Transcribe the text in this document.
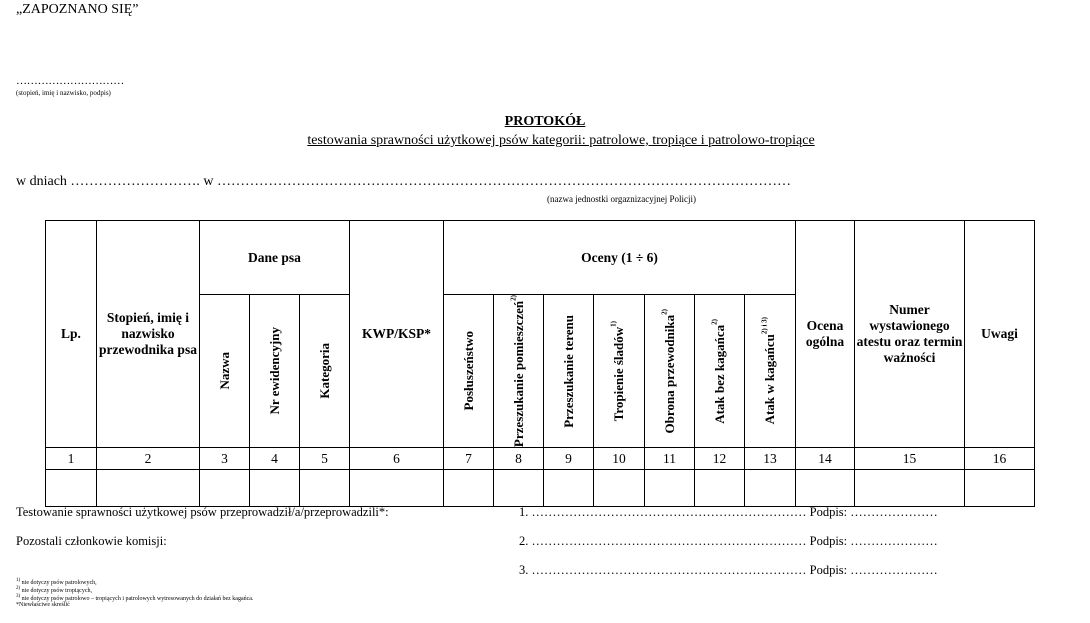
„ZAPOZNANO SIĘ”
…………………………
(stopień, imię i nazwisko, podpis)
PROTOKÓŁ
testowania sprawności użytkowej psów kategorii: patrolowe, tropiące i patrolowo-tropiące
w dniach ………………………. w ……………………………………………………………………………………………………………
(nazwa jednostki orgaznizacyjnej Policji)
Lp.	Stopień, imię i nazwisko przewodnika psa	Dane psa			KWP/KSP*	Oceny (1 ÷ 6)							Ocena ogólna	Numer wystawionego atestu oraz termin ważności	Uwagi

		Nazwa	Nr ewidencyjny	Kategoria		Posłuszeństwo	Przeszukanie pomieszczeń$^{2)}$	Przeszukanie terenu	Tropienie śladów$^{1)}$	Obrona przewodnika$^{2)}$	Atak bez kagańca$^{2)}$	Atak w kagańcu$^{2) i 3)}$

1	2	3	4	5	6	7	8	9	10	11	12	13	14	15	16

Testowanie sprawności użytkowej psów przeprowadził/a/przeprowadzili*:
Pozostali członkowie komisji:
1. ………………………………………………………… Podpis: …………………
2. ………………………………………………………… Podpis: …………………
3. ………………………………………………………… Podpis: …………………
$^{1)}$ nie dotyczy psów patrolowych,
$^{2)}$ nie dotyczy psów tropiących,
$^{3)}$ nie dotyczy psów patrolowo – tropiących i patrolowych wytresowanych do działań bez kagańca.
*Niewłaściwe skreślić
